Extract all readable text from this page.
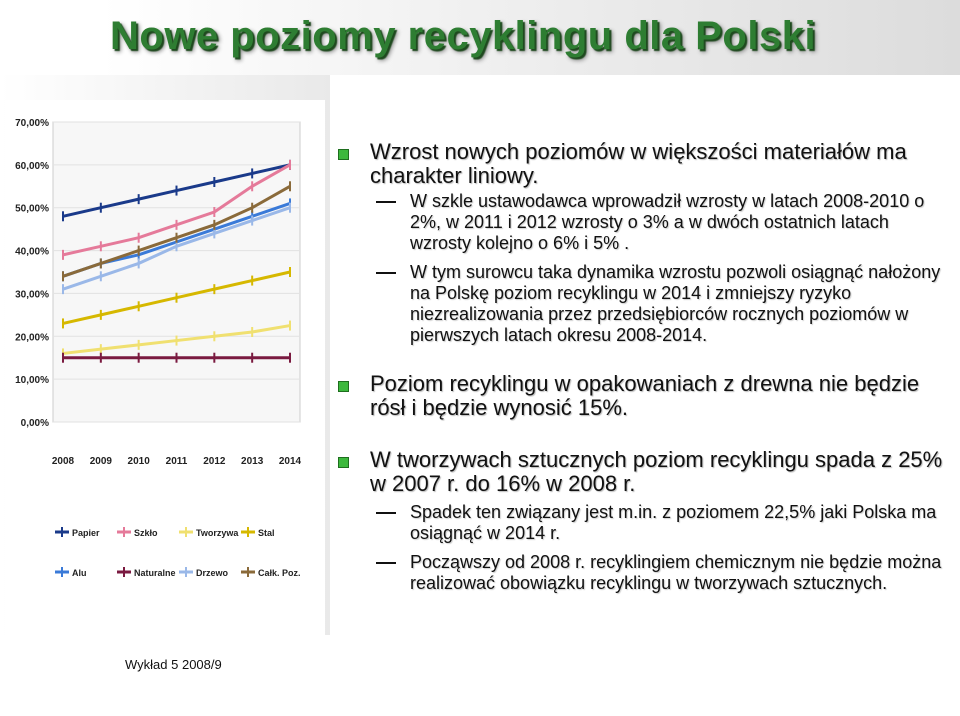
Nowe poziomy recyklingu dla Polski
70,00%
60,00%
50,00%
40,00%
30,00%
20,00%
10,00%
0,00%
2008 2009 2010 2011 2012 2013 2014
Papier	Szkło	Tworzywa Stal
Alu	Naturalne Drzewo	Całk. Poz.
Wzrost nowych poziomów w większości materiałów ma charakter liniowy.
W szkle ustawodawca wprowadził wzrosty w latach 2008-2010 o 2%, w 2011 i 2012 wzrosty o 3% a w dwóch ostatnich latach wzrosty kolejno o 6% i 5% .
W tym surowcu taka dynamika wzrostu pozwoli osiągnąć nałożony na Polskę poziom recyklingu w 2014 i zmniejszy ryzyko niezrealizowania przez przedsiębiorców rocznych poziomów w pierwszych latach okresu 2008-2014.
Poziom recyklingu w opakowaniach z drewna nie będzie rósł i będzie wynosić 15%.
W tworzywach sztucznych poziom recyklingu spada z 25% w 2007 r. do 16% w 2008 r.
Spadek ten związany jest m.in. z poziomem 22,5% jaki Polska ma osiągnąć w 2014 r.
Począwszy od 2008 r. recyklingiem chemicznym nie będzie można realizować obowiązku recyklingu w tworzywach sztucznych.
Wykład 5 2008/9
